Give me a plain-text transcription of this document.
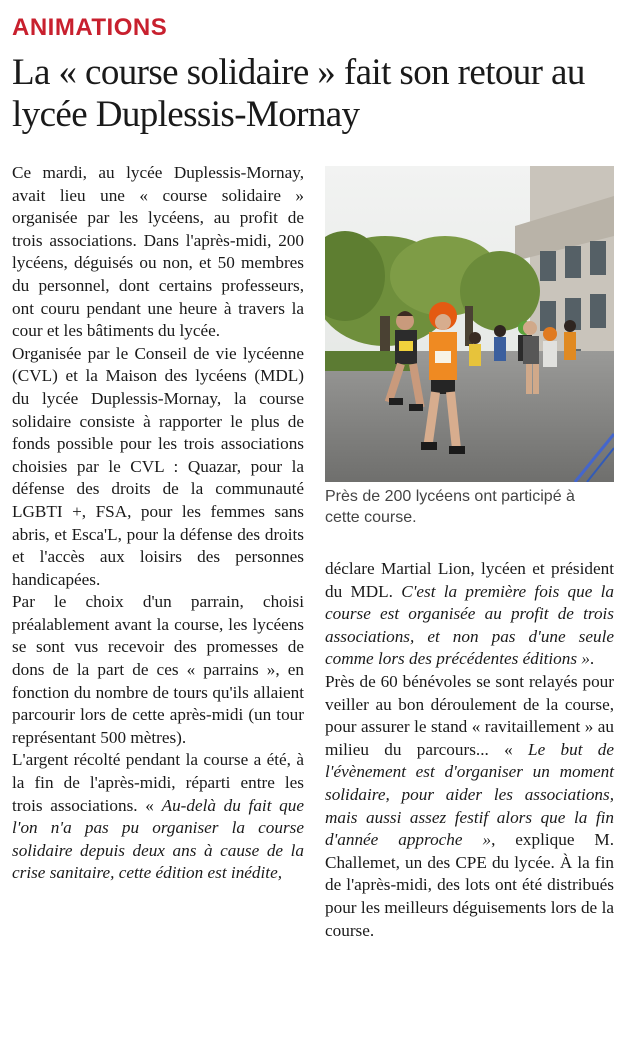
ANIMATIONS
La « course solidaire » fait son retour au lycée Duplessis-Mornay

Ce mardi, au lycée Duplessis-Mornay, avait lieu une « course solidaire » organisée par les lycéens, au profit de trois associations. Dans l'après-midi, 200 lycéens, déguisés ou non, et 50 membres du personnel, dont certains professeurs, ont couru pendant une heure à travers la cour et les bâtiments du lycée.

Organisée par le Conseil de vie lycéenne (CVL) et la Maison des lycéens (MDL) du lycée Duplessis-Mornay, la course solidaire consiste à rapporter le plus de fonds possible pour les trois associations choisies par le CVL : Quazar, pour la défense des droits de la communauté LGBTI +, FSA, pour les femmes sans abris, et Esca'L, pour la défense des droits et l'accès aux loisirs des personnes handicapées.

Par le choix d'un parrain, choisi préalablement avant la course, les lycéens se sont vus recevoir des promesses de dons de la part de ces « parrains », en fonction du nombre de tours qu'ils allaient parcourir lors de cette après-midi (un tour représentant 500 mètres).

L'argent récolté pendant la course a été, à la fin de l'après-midi, réparti entre les trois associations. « Au-delà du fait que l'on n'a pas pu organiser la course solidaire depuis deux ans à cause de la crise sanitaire, cette édition est inédite,

Près de 200 lycéens ont participé à cette course.

déclare Martial Lion, lycéen et président du MDL. C'est la première fois que la course est organisée au profit de trois associations, et non pas d'une seule comme lors des précédentes éditions ».

Près de 60 bénévoles se sont relayés pour veiller au bon déroulement de la course, pour assurer le stand « ravitaillement » au milieu du parcours... « Le but de l'évènement est d'organiser un moment solidaire, pour aider les associations, mais aussi assez festif alors que la fin d'année approche », explique M. Challemet, un des CPE du lycée. À la fin de l'après-midi, des lots ont été distribués pour les meilleurs déguisements lors de la course.
